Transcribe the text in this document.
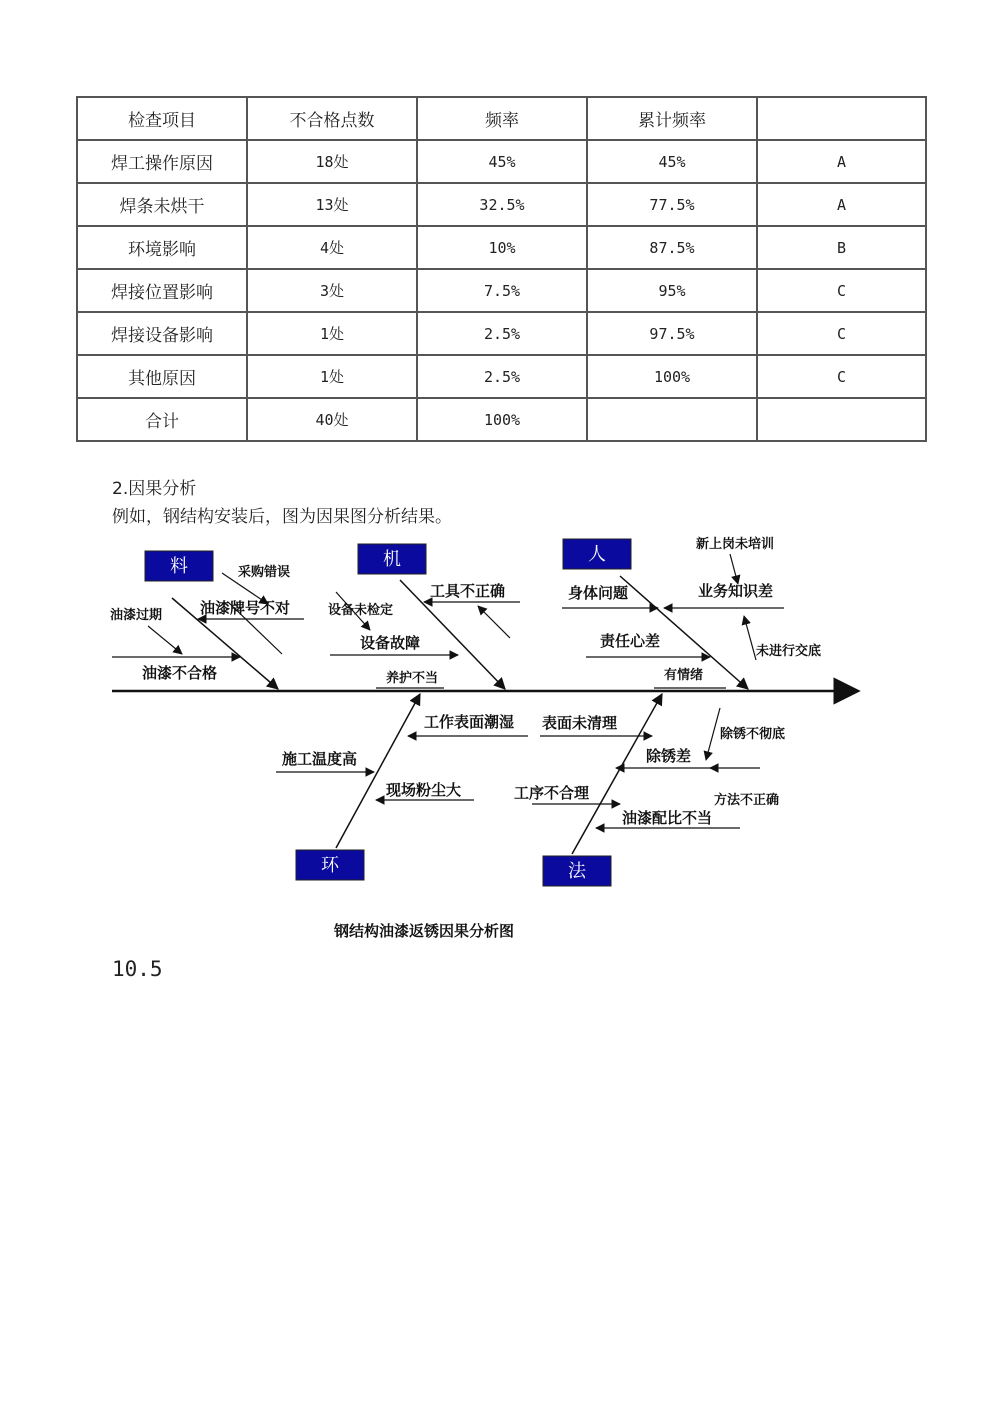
检查项目	不合格点数	频率	累计频率	
焊工操作原因	18处	45%	45%	A
焊条未烘干	13处	32.5%	77.5%	A
环境影响	4处	10%	87.5%	B
焊接位置影响	3处	7.5%	95%	C
焊接设备影响	1处	2.5%	97.5%	C
其他原因	1处	2.5%	100%	C
合计	40处	100%		
2.因果分析
例如，钢结构安装后，图为因果图分析结果。
料	机	人
环	法
采购错误
油漆牌号不对
油漆过期
油漆不合格
工具不正确
设备未检定
设备故障
养护不当
身体问题
新上岗未培训
业务知识差
责任心差
未进行交底
有情绪
工作表面潮湿
施工温度高
现场粉尘大
表面未清理
除锈不彻底
除锈差
方法不正确
工序不合理
油漆配比不当
钢结构油漆返锈因果分析图
10.5
